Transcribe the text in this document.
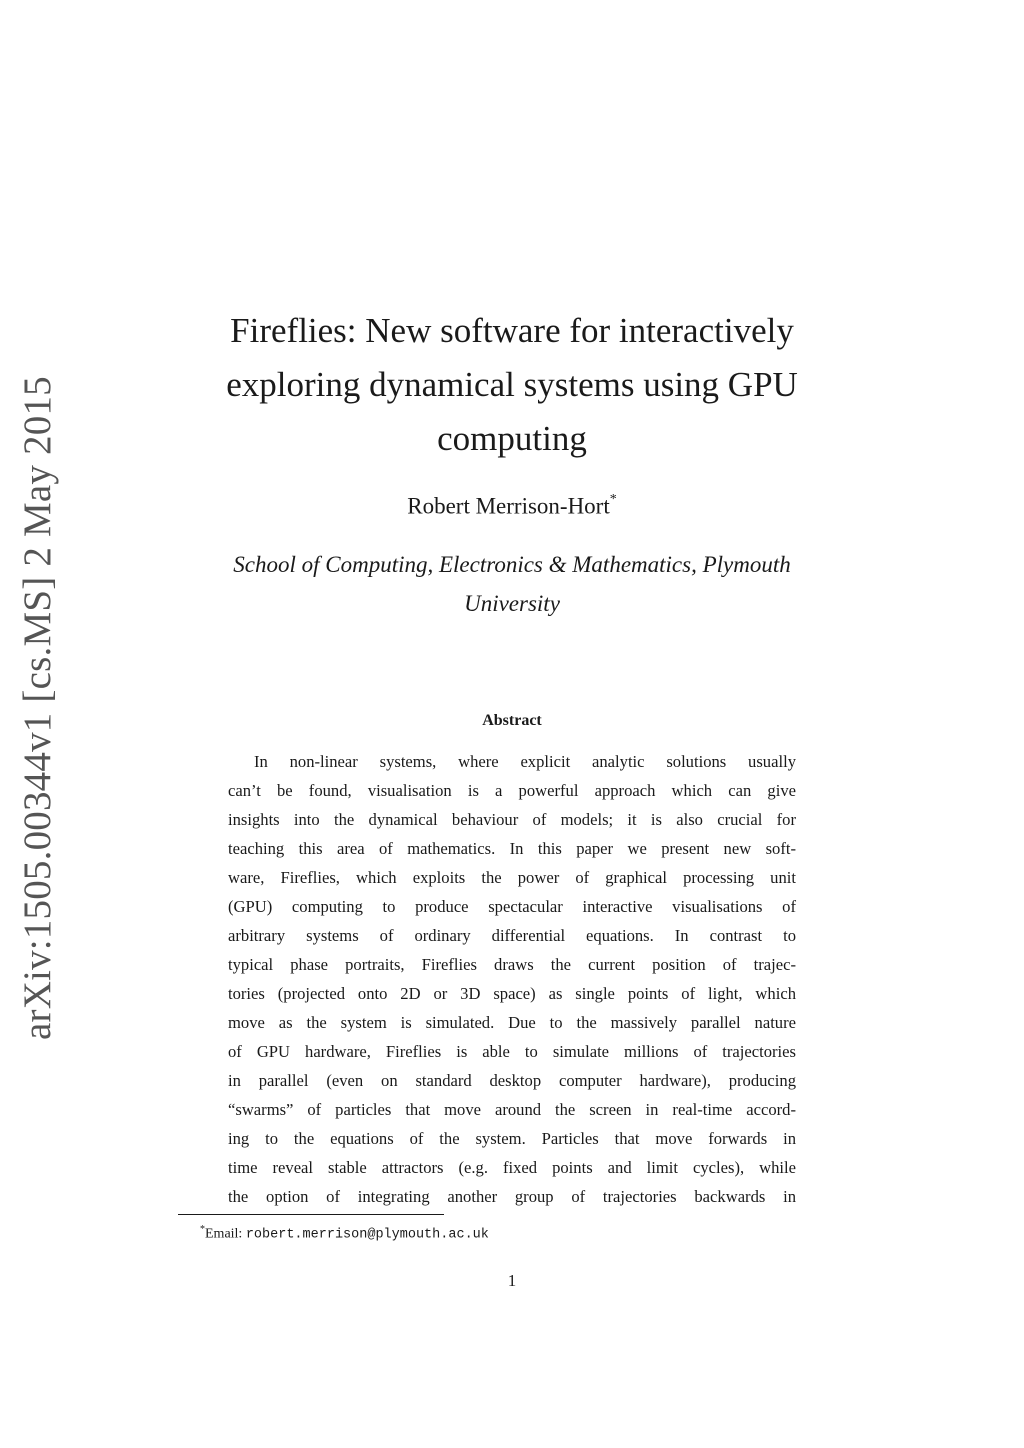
arXiv:1505.00344v1 [cs.MS] 2 May 2015
Fireflies: New software for interactively
exploring dynamical systems using GPU
computing
Robert Merrison-Hort*
School of Computing, Electronics & Mathematics, Plymouth
University
Abstract
In non-linear systems, where explicit analytic solutions usually
can’t be found, visualisation is a powerful approach which can give
insights into the dynamical behaviour of models; it is also crucial for
teaching this area of mathematics. In this paper we present new soft-
ware, Fireflies, which exploits the power of graphical processing unit
(GPU) computing to produce spectacular interactive visualisations of
arbitrary systems of ordinary differential equations. In contrast to
typical phase portraits, Fireflies draws the current position of trajec-
tories (projected onto 2D or 3D space) as single points of light, which
move as the system is simulated. Due to the massively parallel nature
of GPU hardware, Fireflies is able to simulate millions of trajectories
in parallel (even on standard desktop computer hardware), producing
“swarms” of particles that move around the screen in real-time accord-
ing to the equations of the system. Particles that move forwards in
time reveal stable attractors (e.g. fixed points and limit cycles), while
the option of integrating another group of trajectories backwards in
*Email: robert.merrison@plymouth.ac.uk
1
